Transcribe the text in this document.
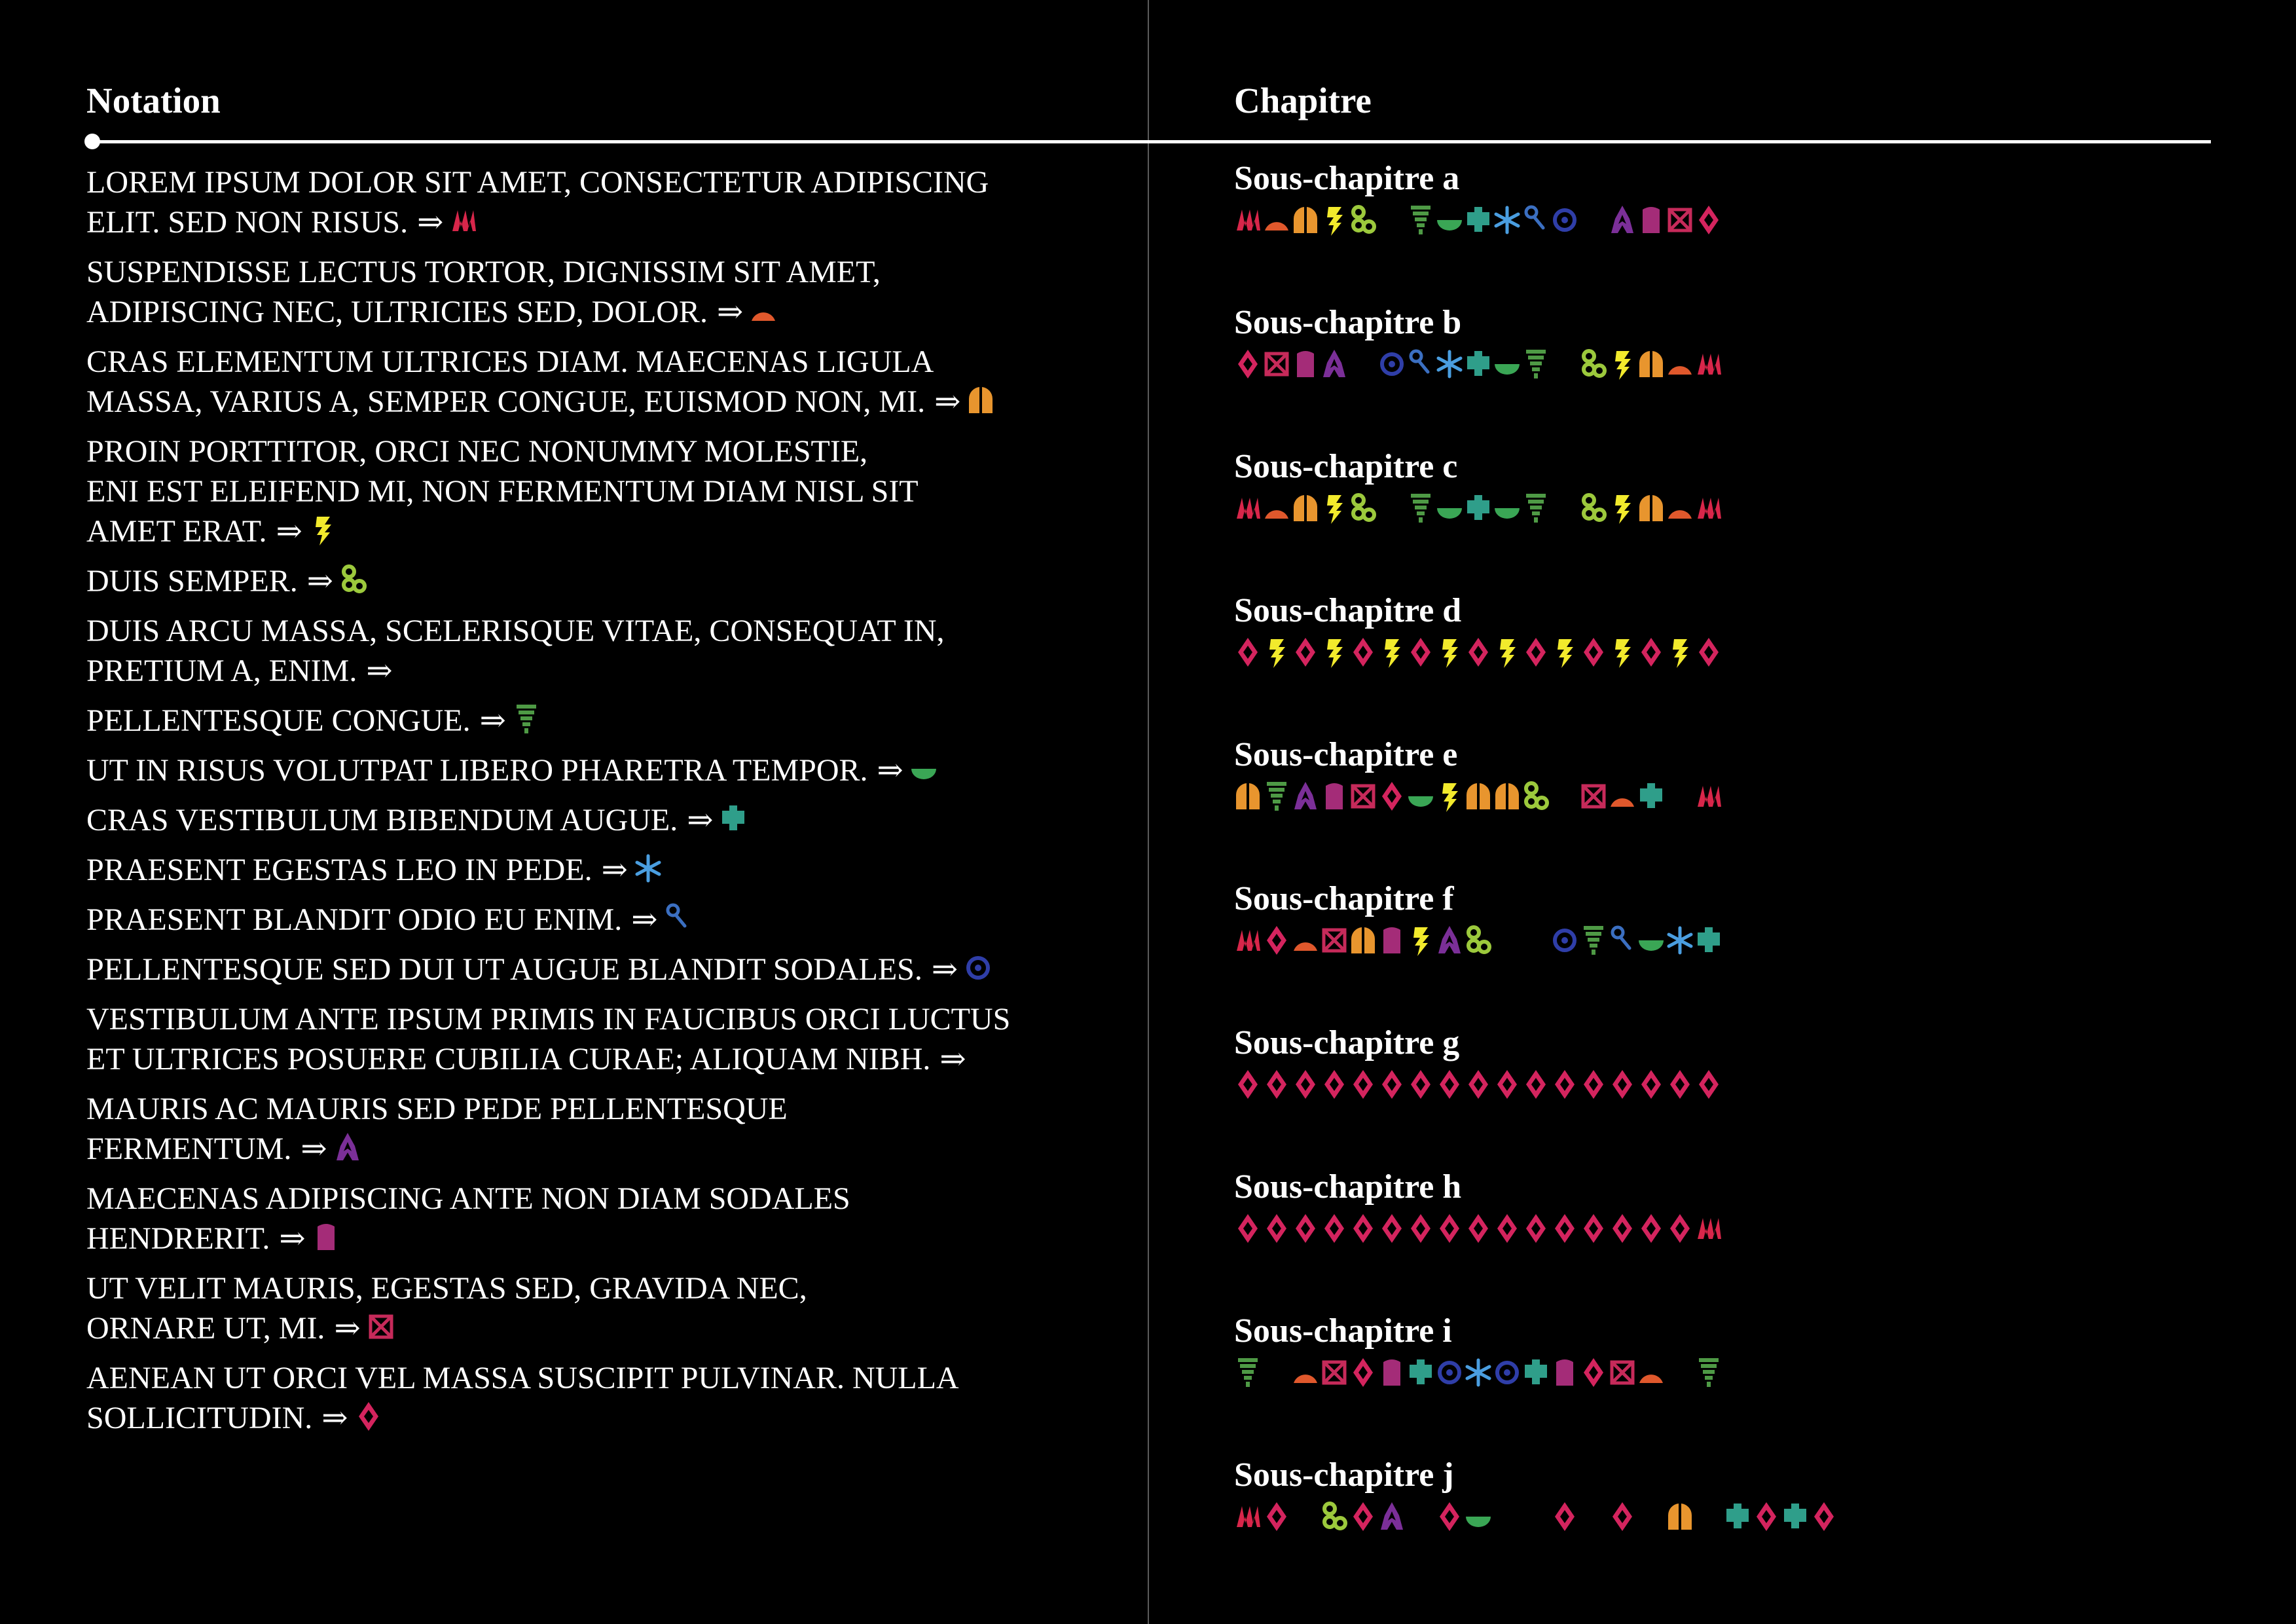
Notation	Chapitre
LOREM IPSUM DOLOR SIT AMET, CONSECTETUR ADIPISCING
ELIT. SED NON RISUS. ⇒
SUSPENDISSE LECTUS TORTOR, DIGNISSIM SIT AMET,
ADIPISCING NEC, ULTRICIES SED, DOLOR. ⇒
CRAS ELEMENTUM ULTRICES DIAM. MAECENAS LIGULA
MASSA, VARIUS A, SEMPER CONGUE, EUISMOD NON, MI. ⇒
PROIN PORTTITOR, ORCI NEC NONUMMY MOLESTIE,
ENI EST ELEIFEND MI, NON FERMENTUM DIAM NISL SIT
AMET ERAT. ⇒
DUIS SEMPER. ⇒
DUIS ARCU MASSA, SCELERISQUE VITAE, CONSEQUAT IN,
PRETIUM A, ENIM. ⇒
PELLENTESQUE CONGUE. ⇒
UT IN RISUS VOLUTPAT LIBERO PHARETRA TEMPOR. ⇒
CRAS VESTIBULUM BIBENDUM AUGUE. ⇒
PRAESENT EGESTAS LEO IN PEDE. ⇒
PRAESENT BLANDIT ODIO EU ENIM. ⇒
PELLENTESQUE SED DUI UT AUGUE BLANDIT SODALES. ⇒
VESTIBULUM ANTE IPSUM PRIMIS IN FAUCIBUS ORCI LUCTUS
ET ULTRICES POSUERE CUBILIA CURAE; ALIQUAM NIBH. ⇒
MAURIS AC MAURIS SED PEDE PELLENTESQUE
FERMENTUM. ⇒
MAECENAS ADIPISCING ANTE NON DIAM SODALES
HENDRERIT. ⇒
UT VELIT MAURIS, EGESTAS SED, GRAVIDA NEC,
ORNARE UT, MI. ⇒
AENEAN UT ORCI VEL MASSA SUSCIPIT PULVINAR. NULLA
SOLLICITUDIN. ⇒
Sous-chapitre a
Sous-chapitre b
Sous-chapitre c
Sous-chapitre d
Sous-chapitre e
Sous-chapitre f
Sous-chapitre g
Sous-chapitre h
Sous-chapitre i
Sous-chapitre j
